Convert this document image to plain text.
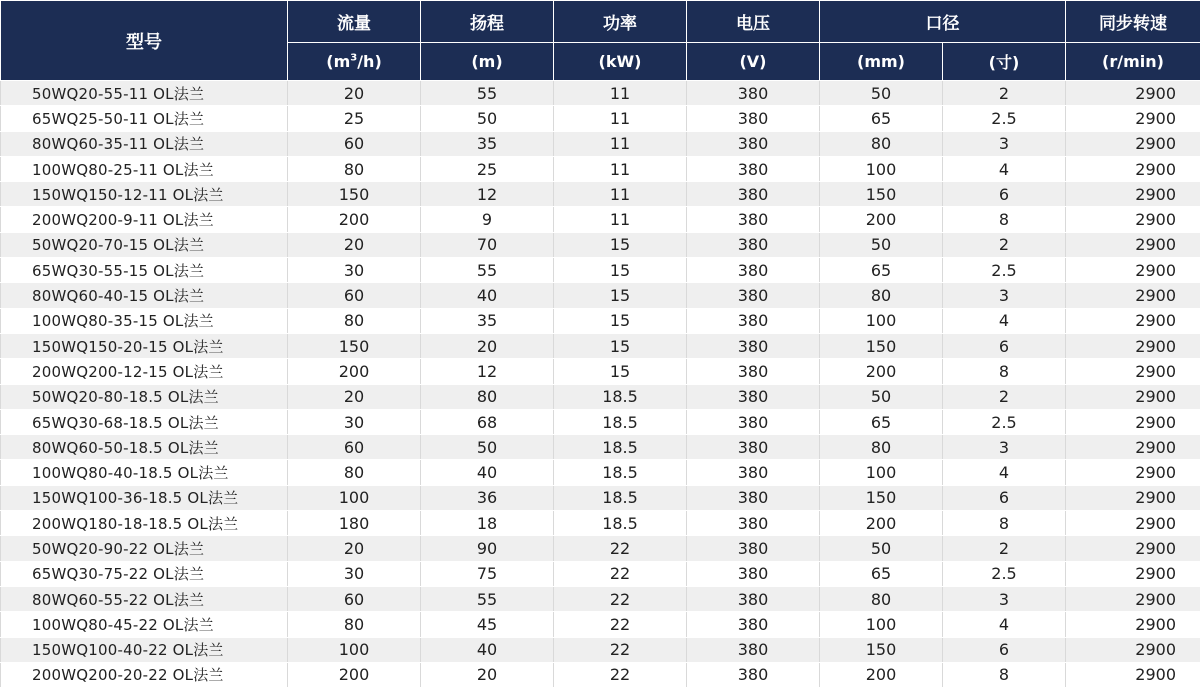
型号	流量	扬程	功率	电压	口径		同步转速
	$(m^3/h)$	(m)	(kW)	(V)	(mm)	(寸)	(r/min)
50WQ20-55-11 OL法兰	20	55	11	380	50	2	2900
65WQ25-50-11 OL法兰	25	50	11	380	65	2.5	2900
80WQ60-35-11 OL法兰	60	35	11	380	80	3	2900
100WQ80-25-11 OL法兰	80	25	11	380	100	4	2900
150WQ150-12-11 OL法兰	150	12	11	380	150	6	2900
200WQ200-9-11 OL法兰	200	9	11	380	200	8	2900
50WQ20-70-15 OL法兰	20	70	15	380	50	2	2900
65WQ30-55-15 OL法兰	30	55	15	380	65	2.5	2900
80WQ60-40-15 OL法兰	60	40	15	380	80	3	2900
100WQ80-35-15 OL法兰	80	35	15	380	100	4	2900
150WQ150-20-15 OL法兰	150	20	15	380	150	6	2900
200WQ200-12-15 OL法兰	200	12	15	380	200	8	2900
50WQ20-80-18.5 OL法兰	20	80	18.5	380	50	2	2900
65WQ30-68-18.5 OL法兰	30	68	18.5	380	65	2.5	2900
80WQ60-50-18.5 OL法兰	60	50	18.5	380	80	3	2900
100WQ80-40-18.5 OL法兰	80	40	18.5	380	100	4	2900
150WQ100-36-18.5 OL法兰	100	36	18.5	380	150	6	2900
200WQ180-18-18.5 OL法兰	180	18	18.5	380	200	8	2900
50WQ20-90-22 OL法兰	20	90	22	380	50	2	2900
65WQ30-75-22 OL法兰	30	75	22	380	65	2.5	2900
80WQ60-55-22 OL法兰	60	55	22	380	80	3	2900
100WQ80-45-22 OL法兰	80	45	22	380	100	4	2900
150WQ100-40-22 OL法兰	100	40	22	380	150	6	2900
200WQ200-20-22 OL法兰	200	20	22	380	200	8	2900
